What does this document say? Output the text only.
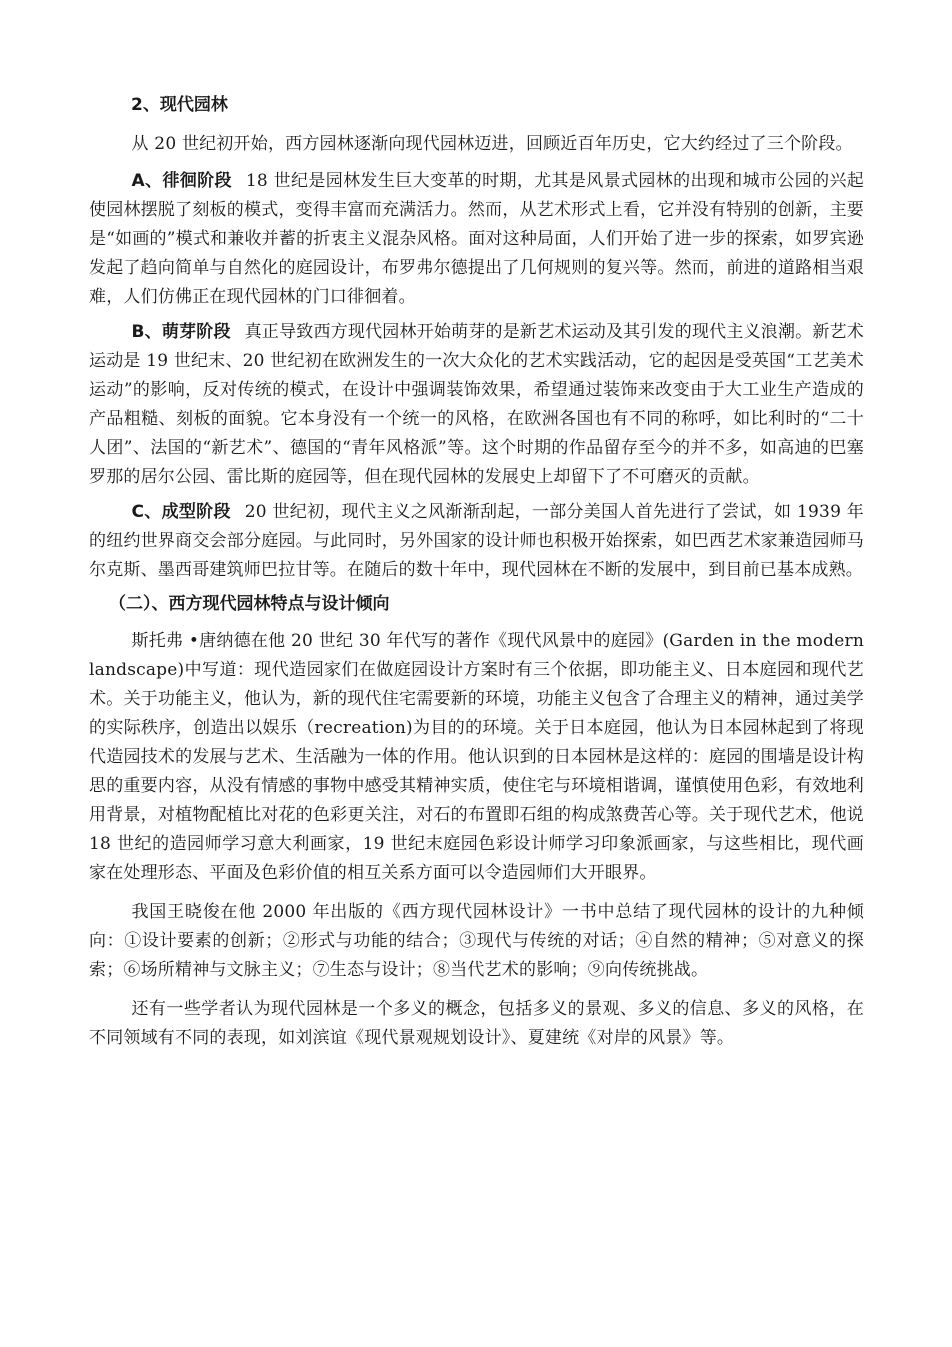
2、现代园林

从 20 世纪初开始，西方园林逐渐向现代园林迈进，回顾近百年历史，它大约经过了三个阶段。

A、徘徊阶段 18 世纪是园林发生巨大变革的时期，尤其是风景式园林的出现和城市公园的兴起使园林摆脱了刻板的模式，变得丰富而充满活力。然而，从艺术形式上看，它并没有特别的创新，主要是“如画的”模式和兼收并蓄的折衷主义混杂风格。面对这种局面，人们开始了进一步的探索，如罗宾逊发起了趋向简单与自然化的庭园设计，布罗弗尔德提出了几何规则的复兴等。然而，前进的道路相当艰难，人们仿佛正在现代园林的门口徘徊着。

B、萌芽阶段 真正导致西方现代园林开始萌芽的是新艺术运动及其引发的现代主义浪潮。新艺术运动是 19 世纪末、20 世纪初在欧洲发生的一次大众化的艺术实践活动，它的起因是受英国“工艺美术运动”的影响，反对传统的模式，在设计中强调装饰效果，希望通过装饰来改变由于大工业生产造成的产品粗糙、刻板的面貌。它本身没有一个统一的风格，在欧洲各国也有不同的称呼，如比利时的“二十人团”、法国的“新艺术”、德国的“青年风格派”等。这个时期的作品留存至今的并不多，如高迪的巴塞罗那的居尔公园、雷比斯的庭园等，但在现代园林的发展史上却留下了不可磨灭的贡献。

C、成型阶段 20 世纪初，现代主义之风渐渐刮起，一部分美国人首先进行了尝试，如 1939 年的纽约世界商交会部分庭园。与此同时，另外国家的设计师也积极开始探索，如巴西艺术家兼造园师马尔克斯、墨西哥建筑师巴拉甘等。在随后的数十年中，现代园林在不断的发展中，到目前已基本成熟。

（二）、西方现代园林特点与设计倾向

斯托弗 •唐纳德在他 20 世纪 30 年代写的著作《现代风景中的庭园》(Garden in the modern landscape)中写道：现代造园家们在做庭园设计方案时有三个依据，即功能主义、日本庭园和现代艺术。关于功能主义，他认为，新的现代住宅需要新的环境，功能主义包含了合理主义的精神，通过美学的实际秩序，创造出以娱乐（recreation)为目的的环境。关于日本庭园，他认为日本园林起到了将现代造园技术的发展与艺术、生活融为一体的作用。他认识到的日本园林是这样的：庭园的围墙是设计构思的重要内容，从没有情感的事物中感受其精神实质，使住宅与环境相谐调，谨慎使用色彩，有效地利用背景，对植物配植比对花的色彩更关注，对石的布置即石组的构成煞费苦心等。关于现代艺术，他说 18 世纪的造园师学习意大利画家，19 世纪末庭园色彩设计师学习印象派画家，与这些相比，现代画家在处理形态、平面及色彩价值的相互关系方面可以令造园师们大开眼界。

我国王晓俊在他 2000 年出版的《西方现代园林设计》一书中总结了现代园林的设计的九种倾向：①设计要素的创新；②形式与功能的结合；③现代与传统的对话；④自然的精神；⑤对意义的探索；⑥场所精神与文脉主义；⑦生态与设计；⑧当代艺术的影响；⑨向传统挑战。

还有一些学者认为现代园林是一个多义的概念，包括多义的景观、多义的信息、多义的风格，在不同领域有不同的表现，如刘滨谊《现代景观规划设计》、夏建统《对岸的风景》等。
